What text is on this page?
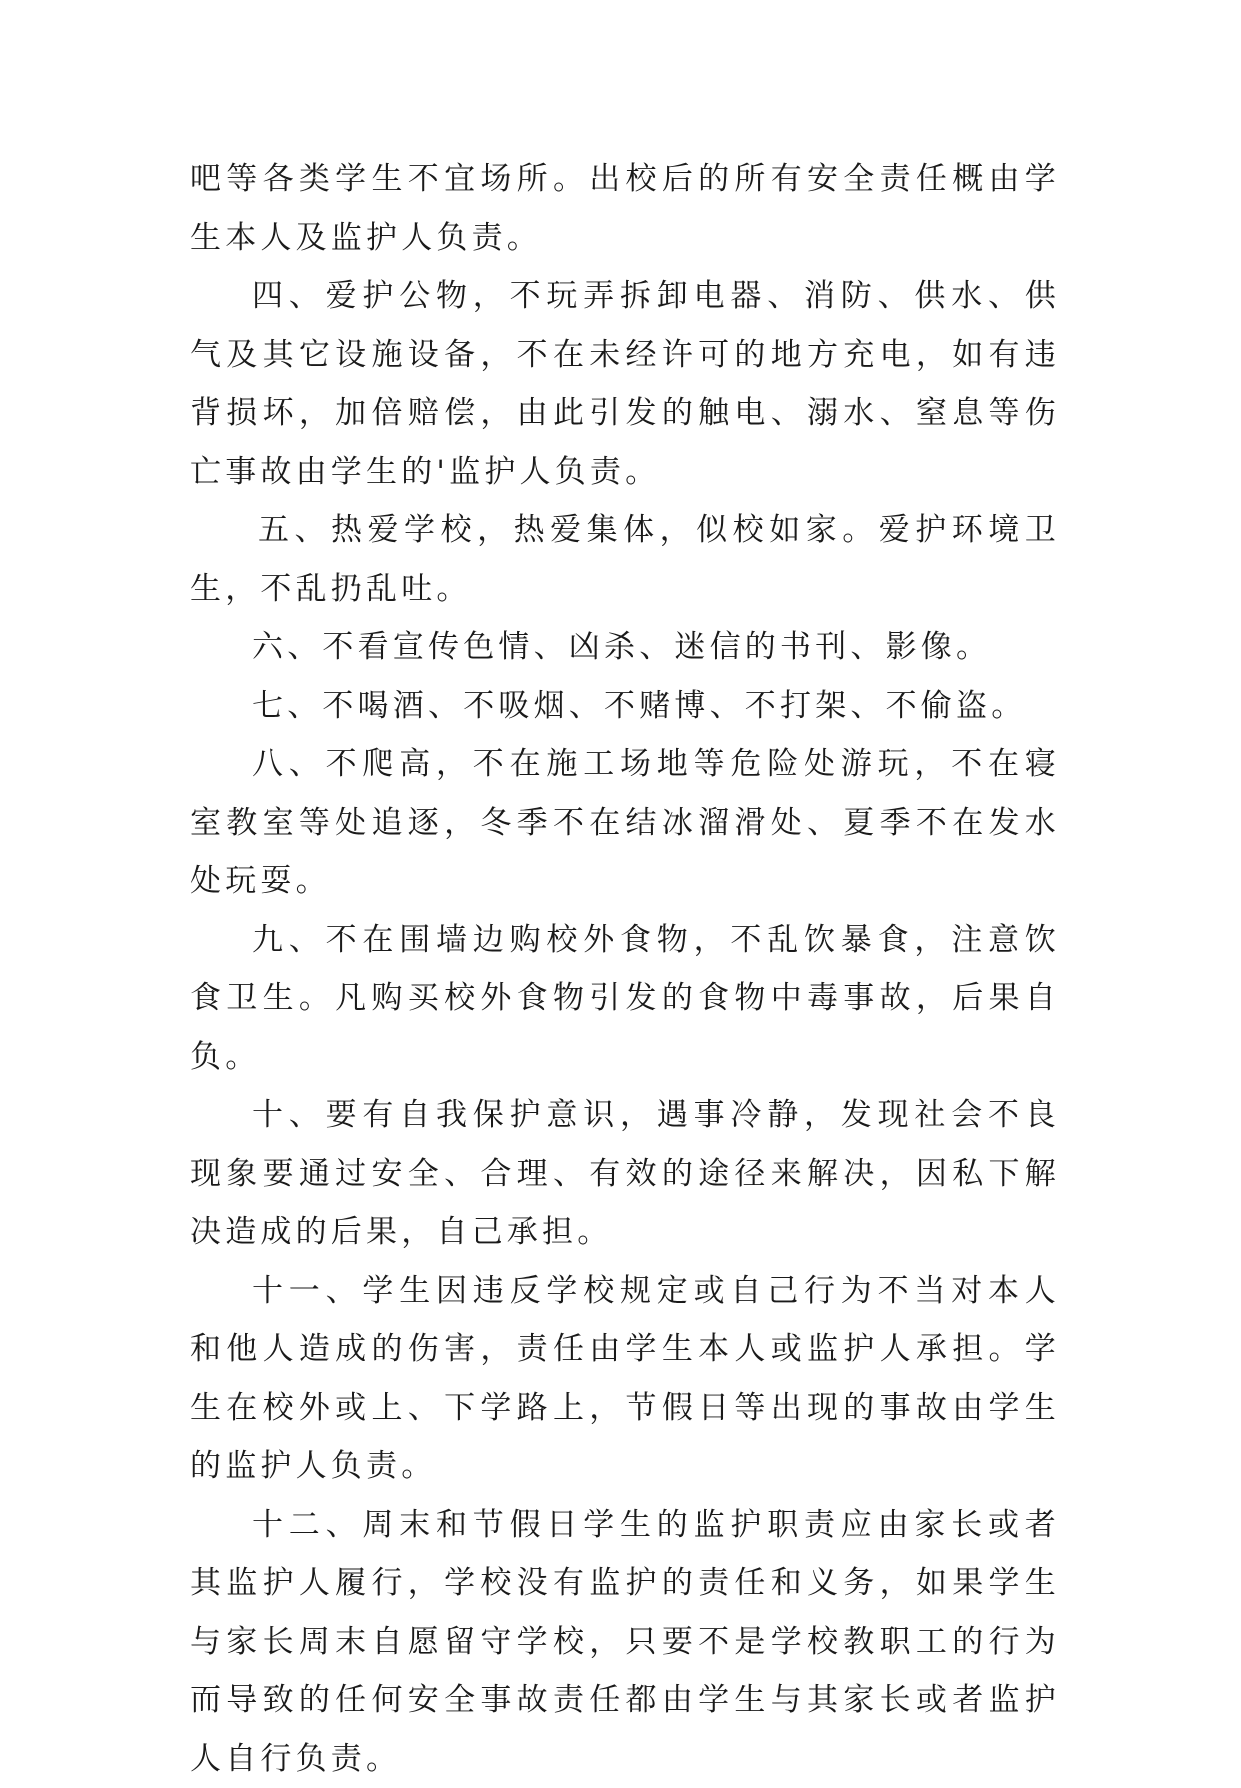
吧等各类学生不宜场所。出校后的所有安全责任概由学生本人及监护人负责。

四、爱护公物，不玩弄拆卸电器、消防、供水、供气及其它设施设备，不在未经许可的地方充电，如有违背损坏，加倍赔偿，由此引发的触电、溺水、窒息等伤亡事故由学生的'监护人负责。

五、热爱学校，热爱集体，似校如家。爱护环境卫生，不乱扔乱吐。

六、不看宣传色情、凶杀、迷信的书刊、影像。

七、不喝酒、不吸烟、不赌博、不打架、不偷盗。

八、不爬高，不在施工场地等危险处游玩，不在寝室教室等处追逐，冬季不在结冰溜滑处、夏季不在发水处玩耍。

九、不在围墙边购校外食物，不乱饮暴食，注意饮食卫生。凡购买校外食物引发的食物中毒事故，后果自负。

十、要有自我保护意识，遇事冷静，发现社会不良现象要通过安全、合理、有效的途径来解决，因私下解决造成的后果，自己承担。

十一、学生因违反学校规定或自己行为不当对本人和他人造成的伤害，责任由学生本人或监护人承担。学生在校外或上、下学路上，节假日等出现的事故由学生的监护人负责。

十二、周末和节假日学生的监护职责应由家长或者其监护人履行，学校没有监护的责任和义务，如果学生与家长周末自愿留守学校，只要不是学校教职工的行为而导致的任何安全事故责任都由学生与其家长或者监护人自行负责。
